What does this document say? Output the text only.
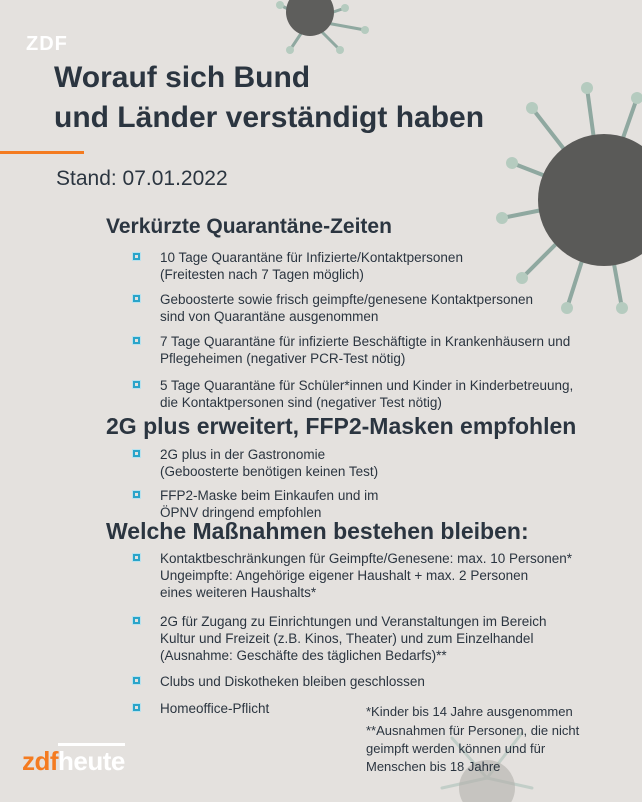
ZDF
Worauf sich Bund
und Länder verständigt haben
Stand: 07.01.2022
Verkürzte Quarantäne-Zeiten
10 Tage Quarantäne für Infizierte/Kontaktpersonen
(Freitesten nach 7 Tagen möglich)
Geboosterte sowie frisch geimpfte/genesene Kontaktpersonen
sind von Quarantäne ausgenommen
7 Tage Quarantäne für infizierte Beschäftigte in Krankenhäusern und
Pflegeheimen (negativer PCR-Test nötig)
5 Tage Quarantäne für Schüler*innen und Kinder in Kinderbetreuung,
die Kontaktpersonen sind (negativer Test nötig)
2G plus erweitert, FFP2-Masken empfohlen
2G plus in der Gastronomie
(Geboosterte benötigen keinen Test)
FFP2-Maske beim Einkaufen und im
ÖPNV dringend empfohlen
Welche Maßnahmen bestehen bleiben:
Kontaktbeschränkungen für Geimpfte/Genesene: max. 10 Personen*
Ungeimpfte: Angehörige eigener Haushalt + max. 2 Personen
eines weiteren Haushalts*
2G für Zugang zu Einrichtungen und Veranstaltungen im Bereich
Kultur und Freizeit (z.B. Kinos, Theater) und zum Einzelhandel
(Ausnahme: Geschäfte des täglichen Bedarfs)**
Clubs und Diskotheken bleiben geschlossen
Homeoffice-Pflicht	*Kinder bis 14 Jahre ausgenommen
**Ausnahmen für Personen, die nicht
geimpft werden können und für
Menschen bis 18 Jahre
zdfheute
